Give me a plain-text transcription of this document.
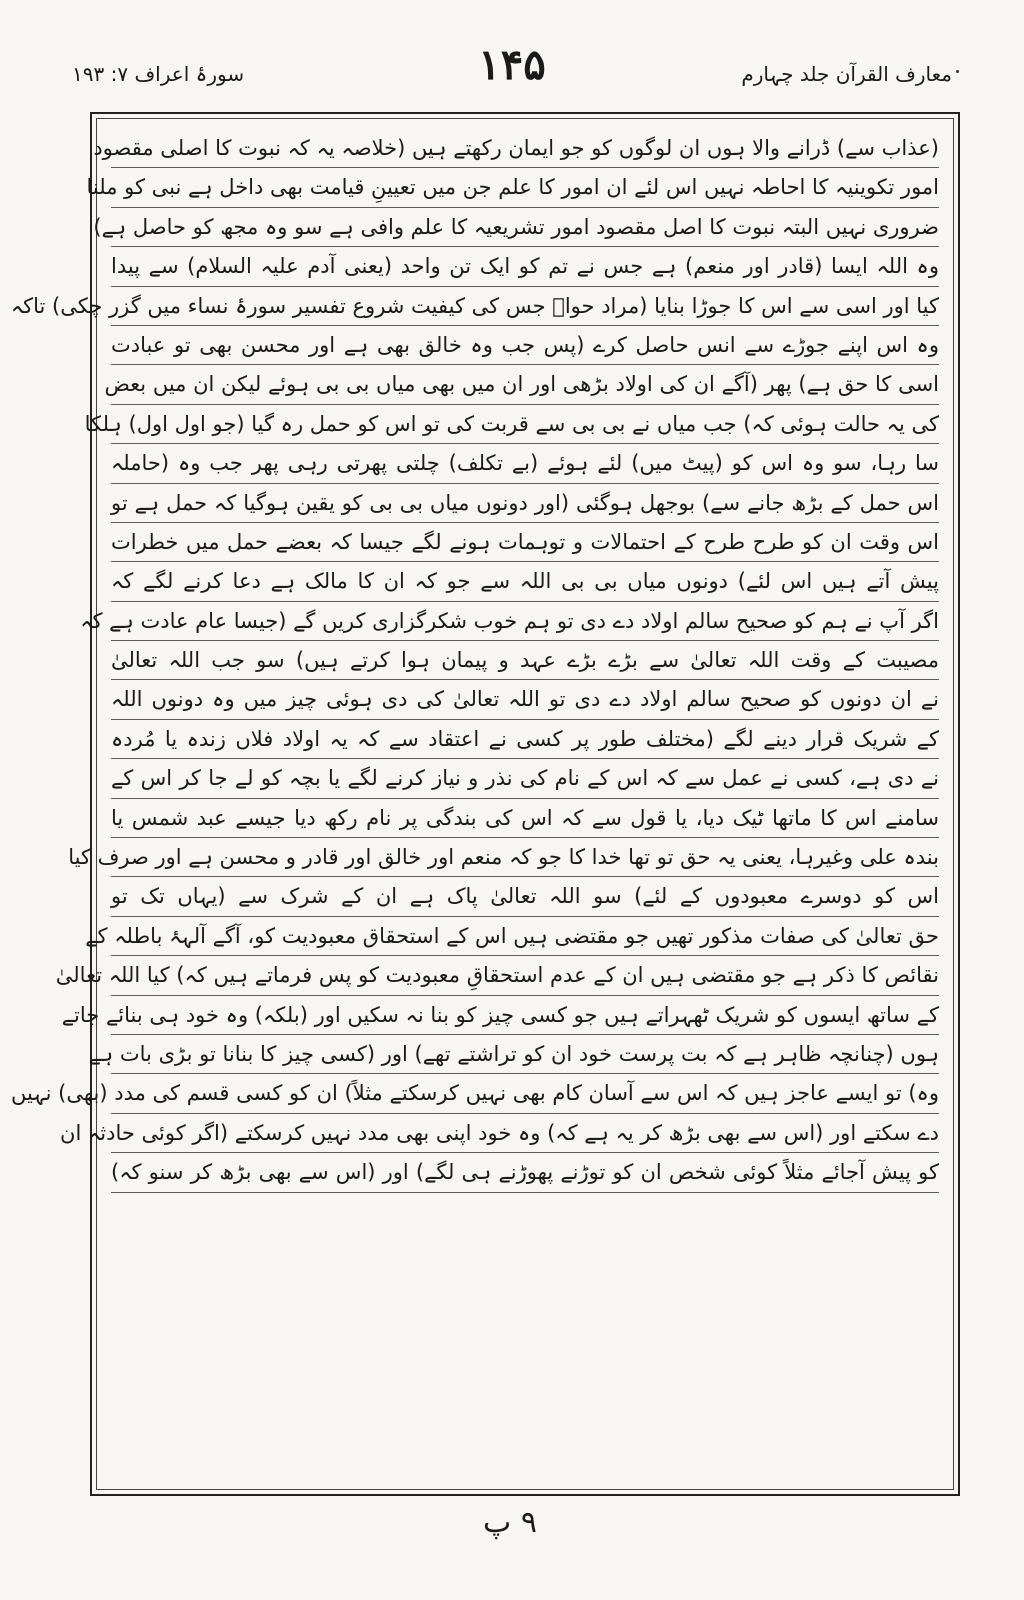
سورۂ اعراف ۷: ۱۹۳	۱۴۵	معارف القرآن جلد چہارم
(عذاب سے) ڈرانے والا ہوں ان لوگوں کو جو ایمان رکھتے ہیں (خلاصہ یہ کہ نبوت کا اصلی مقصود
امور تکوینیہ کا احاطہ نہیں اس لئے ان امور کا علم جن میں تعیینِ قیامت بھی داخل ہے نبی کو ملنا
ضروری نہیں البتہ نبوت کا اصل مقصود امور تشریعیہ کا علم وافی ہے سو وہ مجھ کو حاصل ہے)
وہ اللہ ایسا (قادر اور منعم) ہے جس نے تم کو ایک تن واحد (یعنی آدم علیہ السلام) سے پیدا
کیا اور اسی سے اس کا جوڑا بنایا (مراد حواؑ جس کی کیفیت شروع تفسیر سورۂ نساء میں گزر چکی) تاکہ
وہ اس اپنے جوڑے سے انس حاصل کرے (پس جب وہ خالق بھی ہے اور محسن بھی تو عبادت
اسی کا حق ہے) پھر (آگے ان کی اولاد بڑھی اور ان میں بھی میاں بی بی ہوئے لیکن ان میں بعض
کی یہ حالت ہوئی کہ) جب میاں نے بی بی سے قربت کی تو اس کو حمل رہ گیا (جو اول اول) ہلکا
سا رہا، سو وہ اس کو (پیٹ میں) لئے ہوئے (بے تکلف) چلتی پھرتی رہی پھر جب وہ (حاملہ
اس حمل کے بڑھ جانے سے) بوجھل ہوگئی (اور دونوں میاں بی بی کو یقین ہوگیا کہ حمل ہے تو
اس وقت ان کو طرح طرح کے احتمالات و توہمات ہونے لگے جیسا کہ بعضے حمل میں خطرات
پیش آتے ہیں اس لئے) دونوں میاں بی بی اللہ سے جو کہ ان کا مالک ہے دعا کرنے لگے کہ
اگر آپ نے ہم کو صحیح سالم اولاد دے دی تو ہم خوب شکرگزاری کریں گے (جیسا عام عادت ہے کہ
مصیبت کے وقت اللہ تعالیٰ سے بڑے بڑے عہد و پیمان ہوا کرتے ہیں) سو جب اللہ تعالیٰ
نے ان دونوں کو صحیح سالم اولاد دے دی تو اللہ تعالیٰ کی دی ہوئی چیز میں وہ دونوں اللہ
کے شریک قرار دینے لگے (مختلف طور پر کسی نے اعتقاد سے کہ یہ اولاد فلاں زندہ یا مُردہ
نے دی ہے، کسی نے عمل سے کہ اس کے نام کی نذر و نیاز کرنے لگے یا بچہ کو لے جا کر اس کے
سامنے اس کا ماتھا ٹیک دیا، یا قول سے کہ اس کی بندگی پر نام رکھ دیا جیسے عبد شمس یا
بندہ علی وغیرہا، یعنی یہ حق تو تھا خدا کا جو کہ منعم اور خالق اور قادر و محسن ہے اور صرف کیا
اس کو دوسرے معبودوں کے لئے) سو اللہ تعالیٰ پاک ہے ان کے شرک سے (یہاں تک تو
حق تعالیٰ کی صفات مذکور تھیں جو مقتضی ہیں اس کے استحقاق معبودیت کو، آگے آلہۂ باطلہ کے
نقائص کا ذکر ہے جو مقتضی ہیں ان کے عدم استحقاقِ معبودیت کو پس فرماتے ہیں کہ) کیا اللہ تعالیٰ
کے ساتھ ایسوں کو شریک ٹھہراتے ہیں جو کسی چیز کو بنا نہ سکیں اور (بلکہ) وہ خود ہی بنائے جاتے
ہوں (چنانچہ ظاہر ہے کہ بت پرست خود ان کو تراشتے تھے) اور (کسی چیز کا بنانا تو بڑی بات ہے
وہ) تو ایسے عاجز ہیں کہ اس سے آسان کام بھی نہیں کرسکتے مثلاً) ان کو کسی قسم کی مدد (بھی) نہیں
دے سکتے اور (اس سے بھی بڑھ کر یہ ہے کہ) وہ خود اپنی بھی مدد نہیں کرسکتے (اگر کوئی حادثہ ان
کو پیش آجائے مثلاً کوئی شخص ان کو توڑنے پھوڑنے ہی لگے) اور (اس سے بھی بڑھ کر سنو کہ)
۹ پ
